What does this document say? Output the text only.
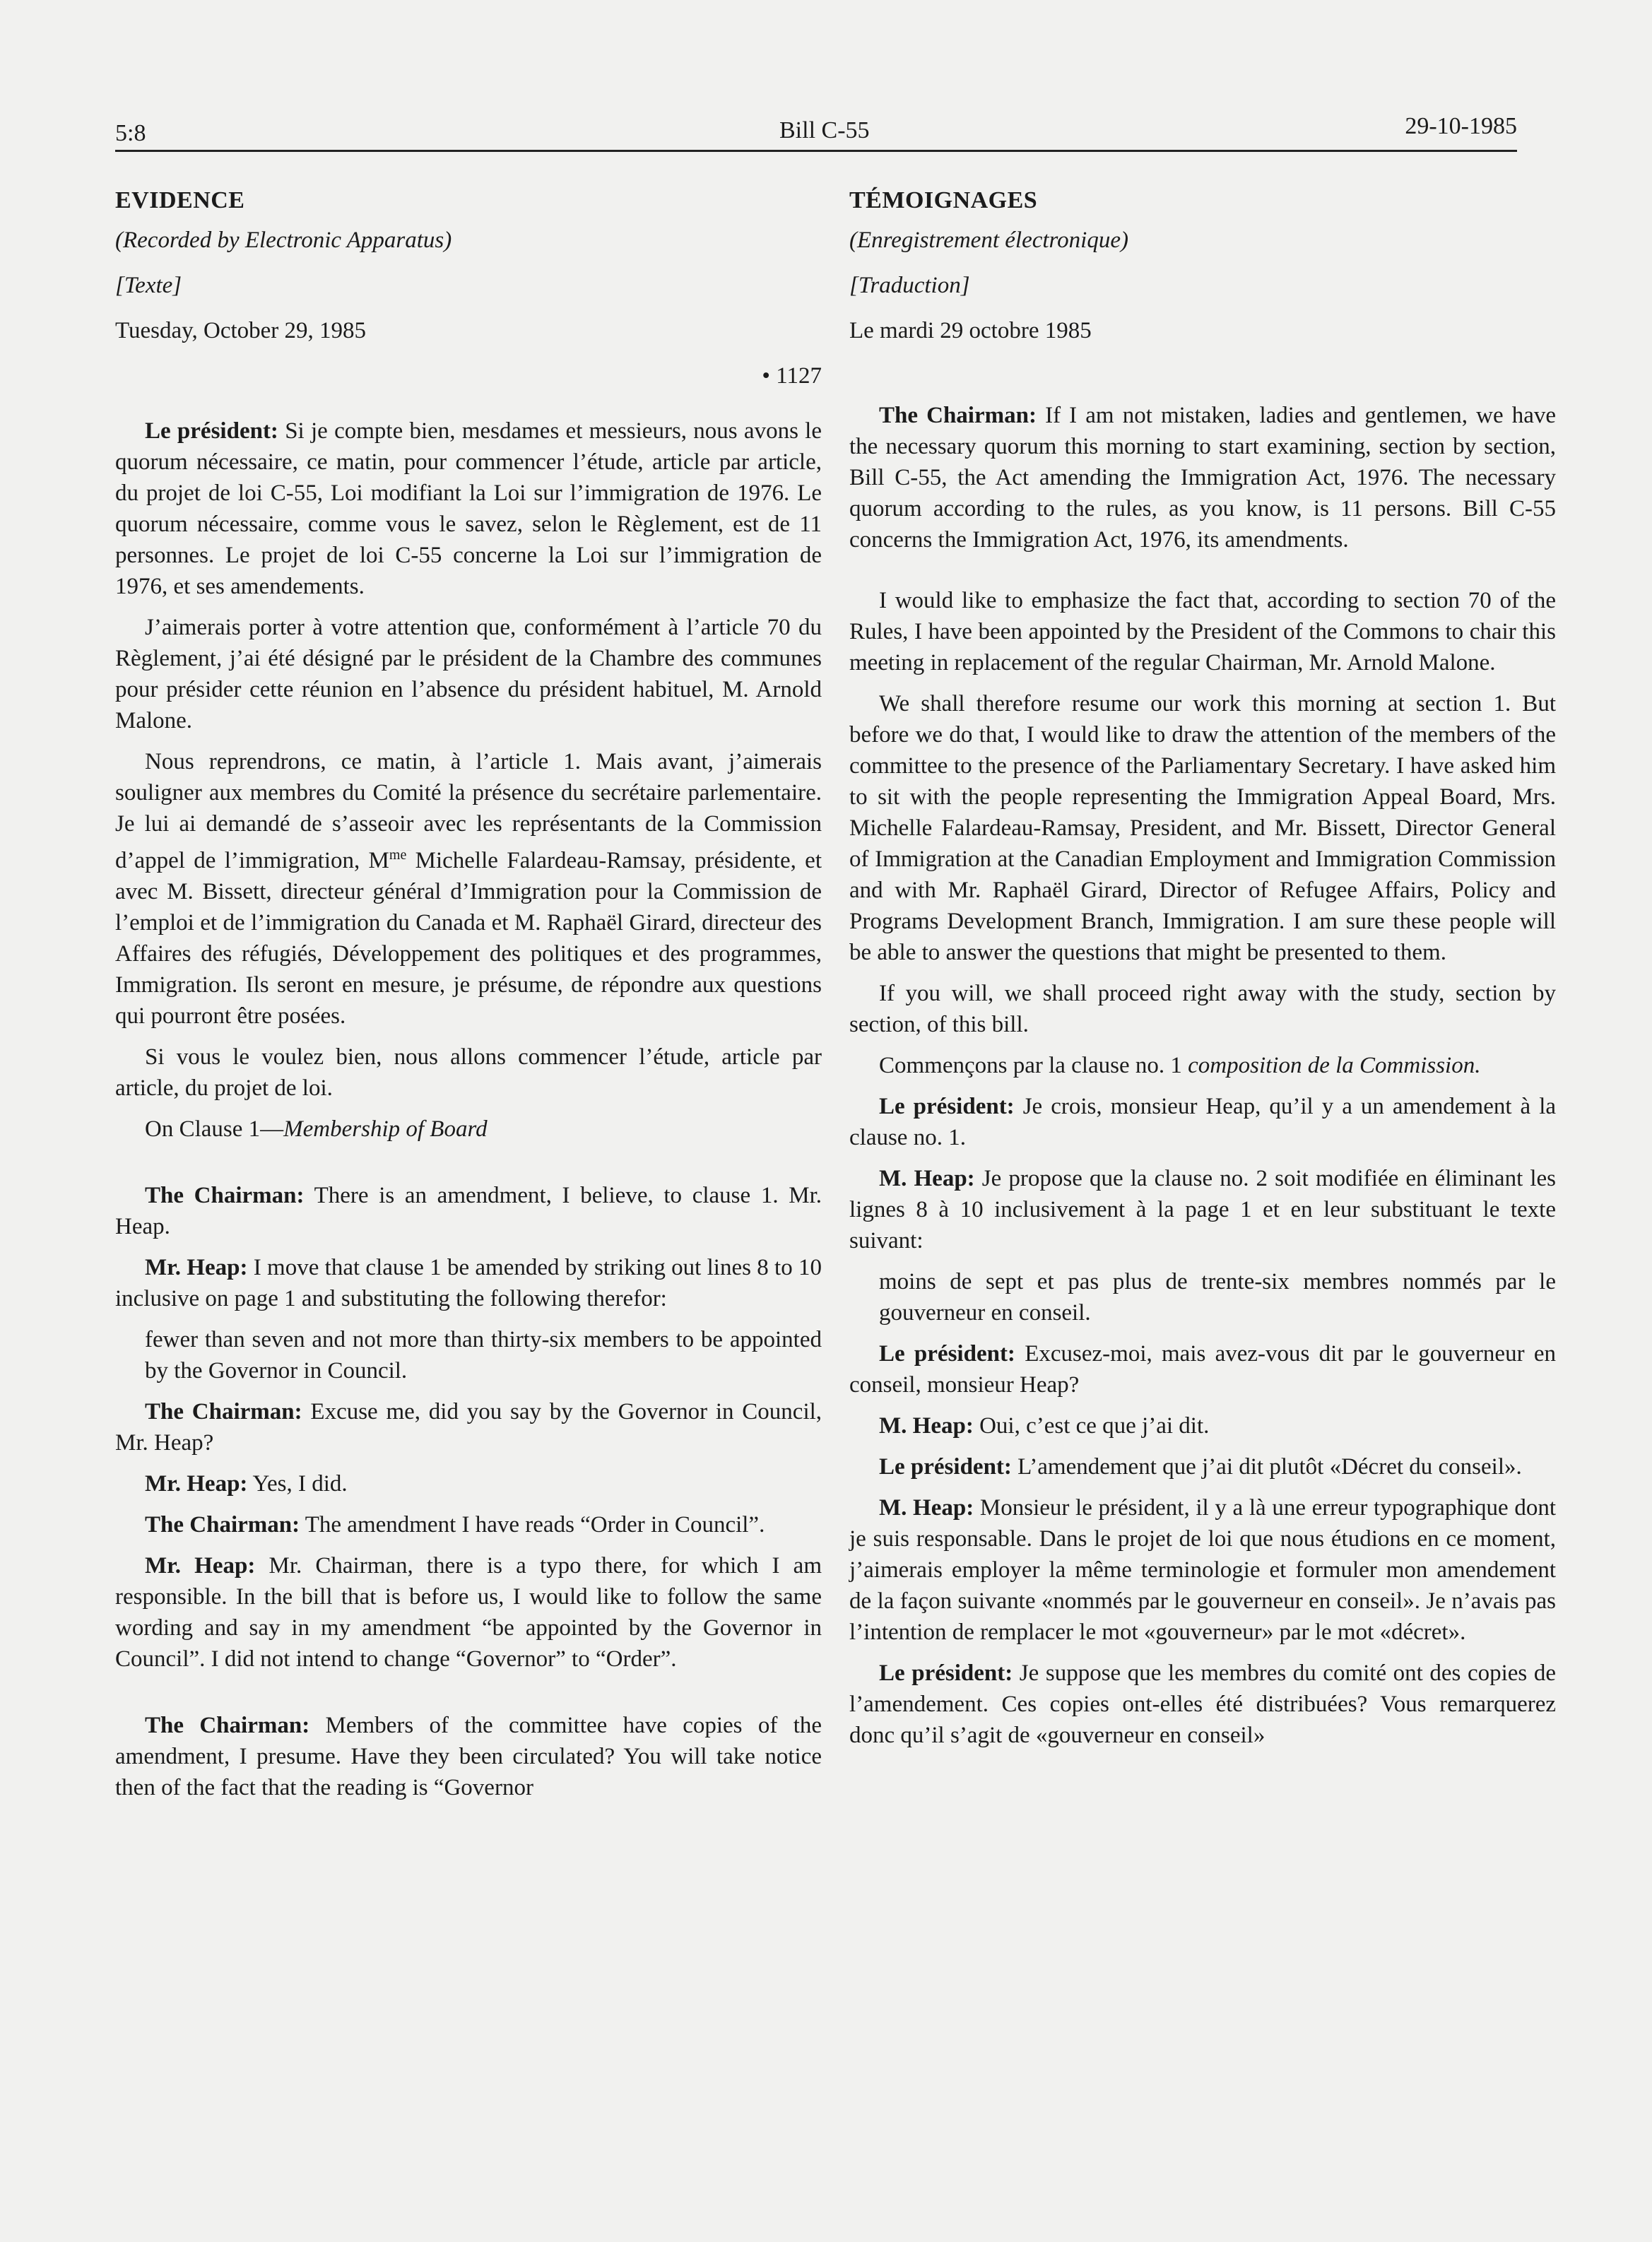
5:8	Bill C-55	29-10-1985
EVIDENCE
(Recorded by Electronic Apparatus)
[Texte]
Tuesday, October 29, 1985
• 1127

Le président: Si je compte bien, mesdames et messieurs, nous avons le quorum nécessaire, ce matin, pour commencer l’étude, article par article, du projet de loi C-55, Loi modifiant la Loi sur l’immigration de 1976. Le quorum nécessaire, comme vous le savez, selon le Règlement, est de 11 personnes. Le projet de loi C-55 concerne la Loi sur l’immigration de 1976, et ses amendements.

J’aimerais porter à votre attention que, conformément à l’article 70 du Règlement, j’ai été désigné par le président de la Chambre des communes pour présider cette réunion en l’absence du président habituel, M. Arnold Malone.

Nous reprendrons, ce matin, à l’article 1. Mais avant, j’aimerais souligner aux membres du Comité la présence du secrétaire parlementaire. Je lui ai demandé de s’asseoir avec les représentants de la Commission d’appel de l’immigration, $M^{me}$ Michelle Falardeau-Ramsay, présidente, et avec M. Bissett, directeur général d’Immigration pour la Commission de l’emploi et de l’immigration du Canada et M. Raphaël Girard, directeur des Affaires des réfugiés, Développement des politiques et des programmes, Immigration. Ils seront en mesure, je présume, de répondre aux questions qui pourront être posées.

Si vous le voulez bien, nous allons commencer l’étude, article par article, du projet de loi.

On Clause 1—Membership of Board

The Chairman: There is an amendment, I believe, to clause 1. Mr. Heap.

Mr. Heap: I move that clause 1 be amended by striking out lines 8 to 10 inclusive on page 1 and substituting the following therefor:

fewer than seven and not more than thirty-six members to be appointed by the Governor in Council.

The Chairman: Excuse me, did you say by the Governor in Council, Mr. Heap?

Mr. Heap: Yes, I did.

The Chairman: The amendment I have reads “Order in Council”.

Mr. Heap: Mr. Chairman, there is a typo there, for which I am responsible. In the bill that is before us, I would like to follow the same wording and say in my amendment “be appointed by the Governor in Council”. I did not intend to change “Governor” to “Order”.

The Chairman: Members of the committee have copies of the amendment, I presume. Have they been circulated? You will take notice then of the fact that the reading is “Governor

TÉMOIGNAGES
(Enregistrement électronique)
[Traduction]
Le mardi 29 octobre 1985

The Chairman: If I am not mistaken, ladies and gentlemen, we have the necessary quorum this morning to start examining, section by section, Bill C-55, the Act amending the Immigration Act, 1976. The necessary quorum according to the rules, as you know, is 11 persons. Bill C-55 concerns the Immigration Act, 1976, its amendments.

I would like to emphasize the fact that, according to section 70 of the Rules, I have been appointed by the President of the Commons to chair this meeting in replacement of the regular Chairman, Mr. Arnold Malone.

We shall therefore resume our work this morning at section 1. But before we do that, I would like to draw the attention of the members of the committee to the presence of the Parliamentary Secretary. I have asked him to sit with the people representing the Immigration Appeal Board, Mrs. Michelle Falardeau-Ramsay, President, and Mr. Bissett, Director General of Immigration at the Canadian Employment and Immigration Commission and with Mr. Raphaël Girard, Director of Refugee Affairs, Policy and Programs Development Branch, Immigration. I am sure these people will be able to answer the questions that might be presented to them.

If you will, we shall proceed right away with the study, section by section, of this bill.

Commençons par la clause no. 1 composition de la Commission.

Le président: Je crois, monsieur Heap, qu’il y a un amendement à la clause no. 1.

M. Heap: Je propose que la clause no. 2 soit modifiée en éliminant les lignes 8 à 10 inclusivement à la page 1 et en leur substituant le texte suivant:

moins de sept et pas plus de trente-six membres nommés par le gouverneur en conseil.

Le président: Excusez-moi, mais avez-vous dit par le gouverneur en conseil, monsieur Heap?

M. Heap: Oui, c’est ce que j’ai dit.

Le président: L’amendement que j’ai dit plutôt «Décret du conseil».

M. Heap: Monsieur le président, il y a là une erreur typographique dont je suis responsable. Dans le projet de loi que nous étudions en ce moment, j’aimerais employer la même terminologie et formuler mon amendement de la façon suivante «nommés par le gouverneur en conseil». Je n’avais pas l’intention de remplacer le mot «gouverneur» par le mot «décret».

Le président: Je suppose que les membres du comité ont des copies de l’amendement. Ces copies ont-elles été distribuées? Vous remarquerez donc qu’il s’agit de «gouverneur en conseil»
